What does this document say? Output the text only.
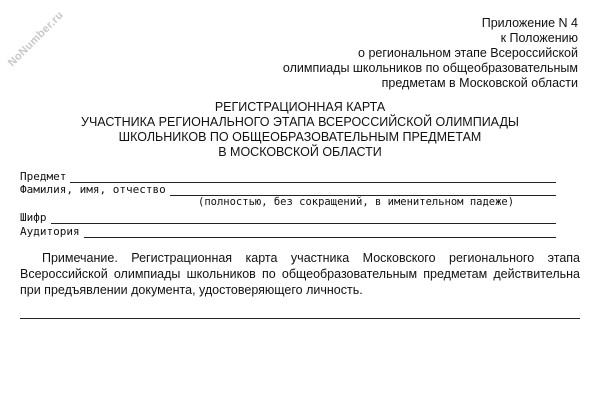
NoNumber.ru	Приложение N 4
к Положению
о региональном этапе Всероссийской
олимпиады школьников по общеобразовательным
предметам в Московской области
РЕГИСТРАЦИОННАЯ КАРТА
УЧАСТНИКА РЕГИОНАЛЬНОГО ЭТАПА ВСЕРОССИЙСКОЙ ОЛИМПИАДЫ
ШКОЛЬНИКОВ ПО ОБЩЕОБРАЗОВАТЕЛЬНЫМ ПРЕДМЕТАМ
В МОСКОВСКОЙ ОБЛАСТИ
Предмет
Фамилия, имя, отчество
(полностью, без сокращений, в именительном падеже)
Шифр
Аудитория
Примечание. Регистрационная карта участника Московского регионального этапа Всероссийской олимпиады школьников по общеобразовательным предметам действительна при предъявлении документа, удостоверяющего личность.
